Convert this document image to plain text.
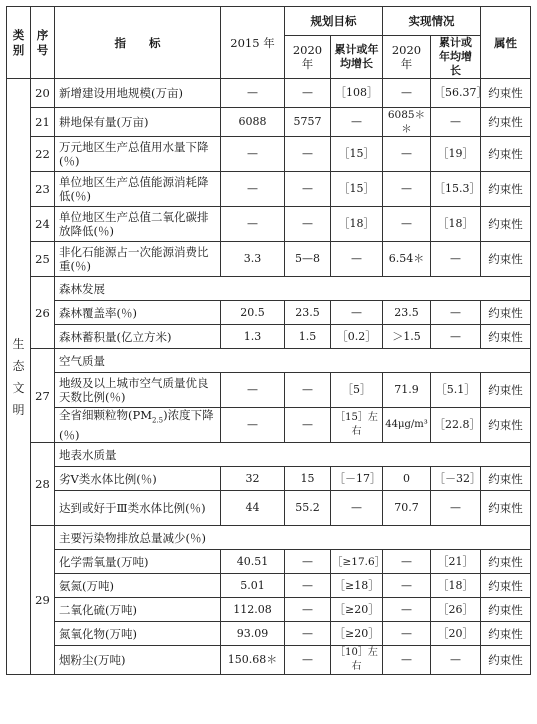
类别	序号	指　　标	2015 年	规划目标		实现情况		属性
				2020 年	累计或年均增长	2020 年	累计或年均增长	
生态文明	20	新增建设用地规模(万亩)	—	—	［108］	—	［56.37］	约束性
	21	耕地保有量(万亩)	6088	5757	—	6085＊＊	—	约束性
	22	万元地区生产总值用水量下降(％)	—	—	［15］	—	［19］	约束性
	23	单位地区生产总值能源消耗降低(％)	—	—	［15］	—	［15.3］	约束性
	24	单位地区生产总值二氧化碳排放降低(％)	—	—	［18］	—	［18］	约束性
	25	非化石能源占一次能源消费比重(％)	3.3	5—8	—	6.54＊	—	约束性
	26	森林发展						
		森林覆盖率(％)	20.5	23.5	—	23.5	—	约束性
		森林蓄积量(亿立方米)	1.3	1.5	［0.2］	＞1.5	—	约束性
	27	空气质量						
		地级及以上城市空气质量优良天数比例(％)	—	—	［5］	71.9	［5.1］	约束性
		全省细颗粒物$(PM_{2.5})$浓度下降(％)	—	—	［15］左右	44μg/m³	［22.8］	约束性
	28	地表水质量						
		劣Ⅴ类水体比例(％)	32	15	［－17］	0	［－32］	约束性
		达到或好于Ⅲ类水体比例(％)	44	55.2	—	70.7	—	约束性
	29	主要污染物排放总量减少(％)						
		化学需氧量(万吨)	40.51	—	［≥17.6］	—	［21］	约束性
		氨氮(万吨)	5.01	—	［≥18］	—	［18］	约束性
		二氧化硫(万吨)	112.08	—	［≥20］	—	［26］	约束性
		氮氧化物(万吨)	93.09	—	［≥20］	—	［20］	约束性
		烟粉尘(万吨)	150.68＊	—	［10］左右	—	—	约束性
